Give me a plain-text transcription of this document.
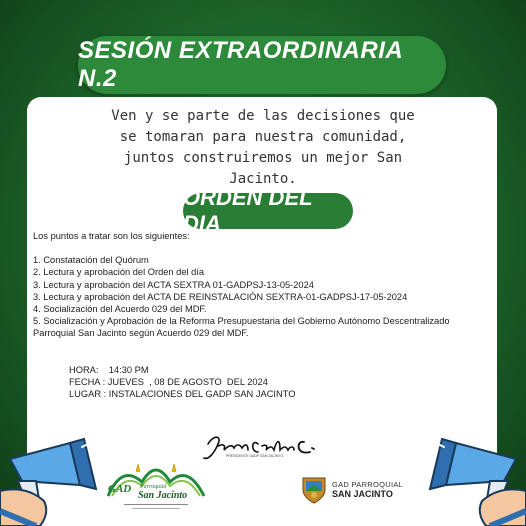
SESIÓN EXTRAORDINARIA N.2
Ven y se parte de las decisiones que
se tomaran para nuestra comunidad,
juntos construiremos un mejor San
Jacinto.
ORDEN DEL DIA
Los puntos a tratar son los siguientes:
1. Constatación del Quórum
2. Lectura y aprobación del Orden del día
3. Lectura y aprobación del ACTA SEXTRA 01-GADPSJ-13-05-2024
3. Lectura y aprobación del ACTA DE REINSTALACIÓN SEXTRA-01-GADPSJ-17-05-2024
4. Socialización del Acuerdo 029 del MDF.
5. Socialización y Aprobación de la Reforma Presupuestaria del Gobierno Autónomo Descentralizado Parroquial San Jacinto según Acuerdo 029 del MDF.
HORA:    14:30 PM
FECHA : JUEVES  , 08 DE AGOSTO  DEL 2024
LUGAR : INSTALACIONES DEL GADP SAN JACINTO
PRESIDENTE GADP SAN JACINTO
GAD Parroquial
San Jacinto
GAD PARROQUIAL
SAN JACINTO
